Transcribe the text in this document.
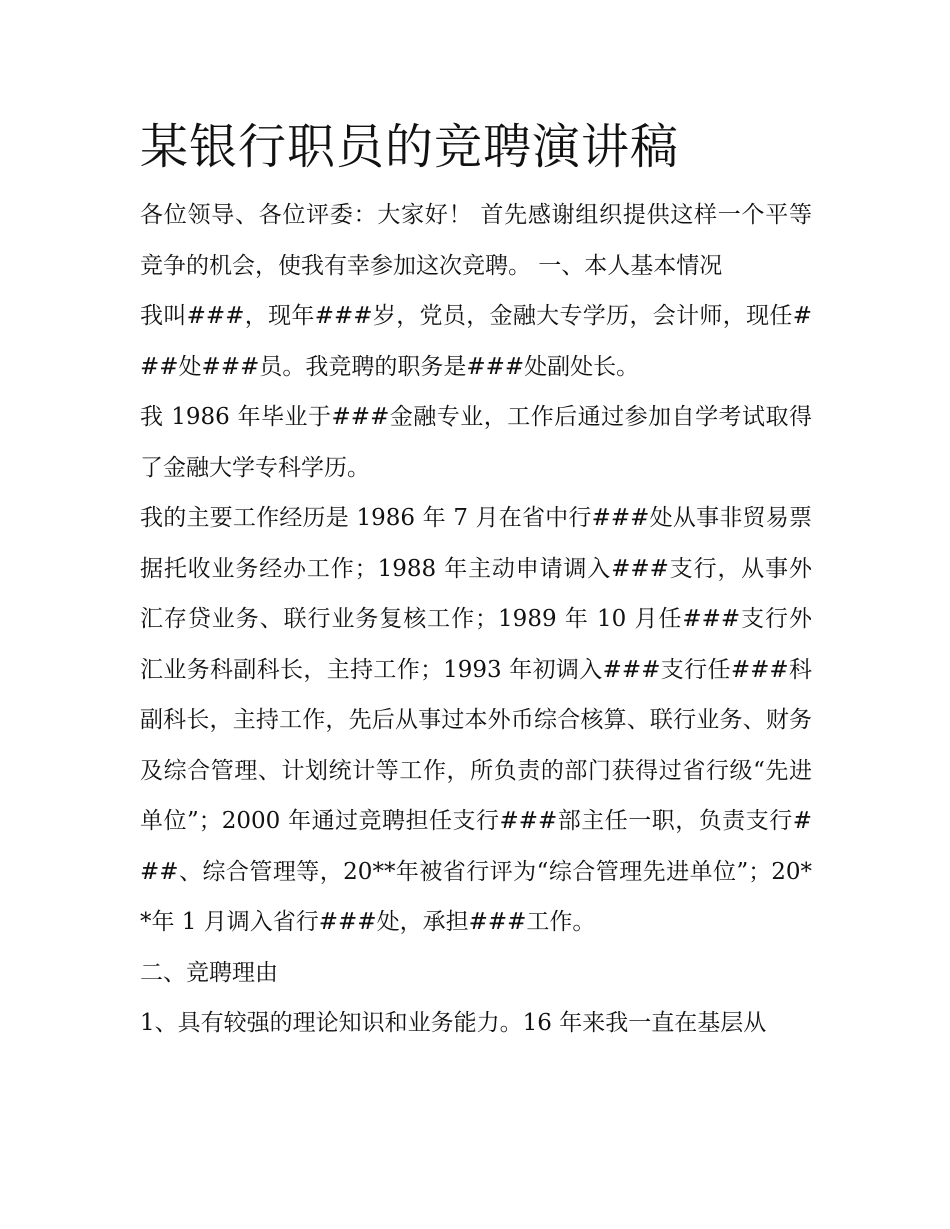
某银行职员的竞聘演讲稿

各位领导、各位评委：大家好！ 首先感谢组织提供这样一个平等竞争的机会，使我有幸参加这次竞聘。 一、本人基本情况

我叫###，现年###岁，党员，金融大专学历，会计师，现任###处###员。我竞聘的职务是###处副处长。

我 1986 年毕业于###金融专业，工作后通过参加自学考试取得了金融大学专科学历。

我的主要工作经历是 1986 年 7 月在省中行###处从事非贸易票据托收业务经办工作；1988 年主动申请调入###支行，从事外汇存贷业务、联行业务复核工作；1989 年 10 月任###支行外汇业务科副科长，主持工作；1993 年初调入###支行任###科副科长，主持工作，先后从事过本外币综合核算、联行业务、财务及综合管理、计划统计等工作，所负责的部门获得过省行级“先进单位”；2000 年通过竞聘担任支行###部主任一职，负责支行###、综合管理等，20**年被省行评为“综合管理先进单位”；20**年 1 月调入省行###处，承担###工作。

二、竞聘理由

1、具有较强的理论知识和业务能力。16 年来我一直在基层从
